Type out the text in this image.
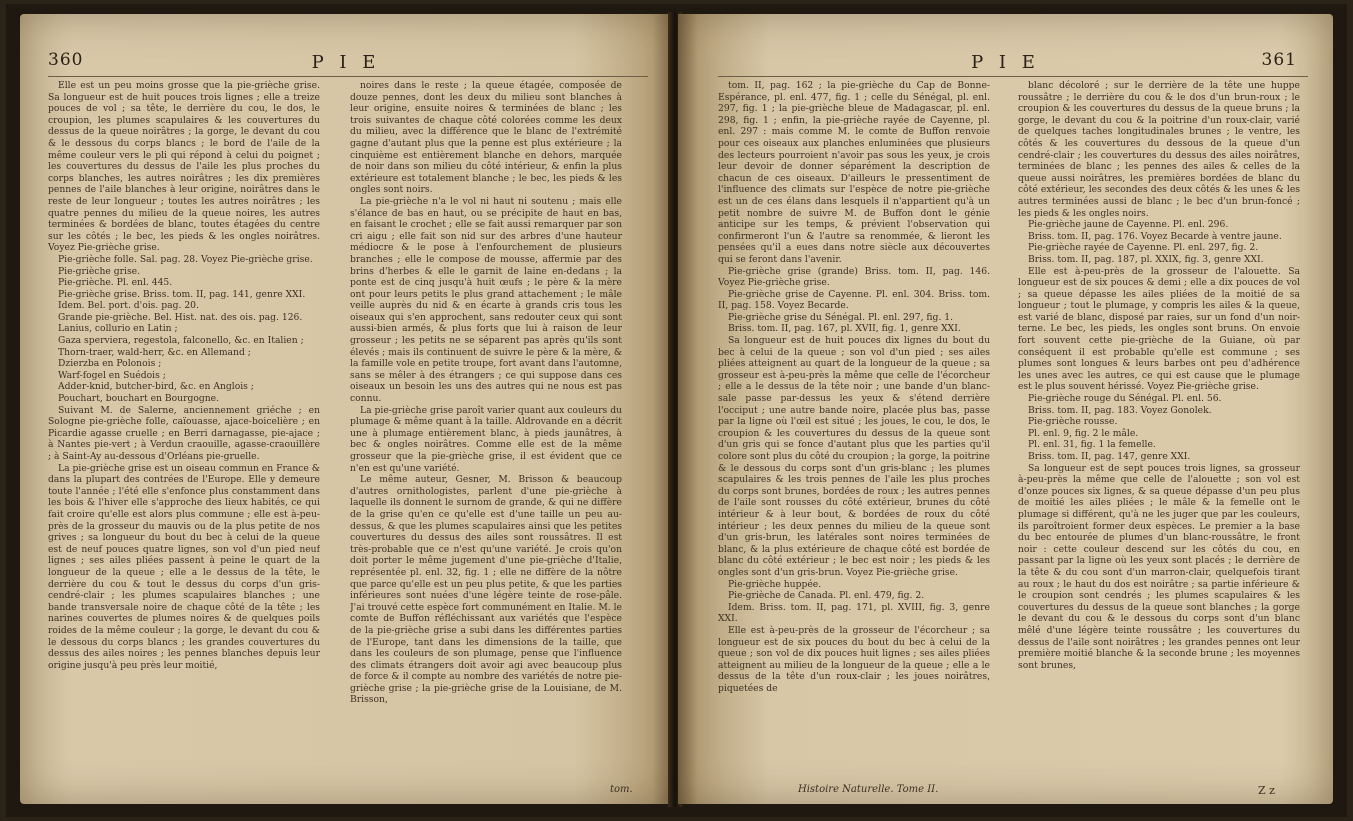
360	P I E

Elle est un peu moins grosse que la pie-grièche grise. Sa longueur est de huit pouces trois lignes ; elle a treize pouces de vol ; sa tête, le derrière du cou, le dos, le croupion, les plumes scapulaires & les couvertures du dessus de la queue noirâtres ; la gorge, le devant du cou & le dessous du corps blancs ; le bord de l'aile de la même couleur vers le pli qui répond à celui du poignet ; les couvertures du dessus de l'aile les plus proches du corps blanches, les autres noirâtres ; les dix premières pennes de l'aile blanches à leur origine, noirâtres dans le reste de leur longueur ; toutes les autres noirâtres ; les quatre pennes du milieu de la queue noires, les autres terminées & bordées de blanc, toutes étagées du centre sur les côtés ; le bec, les pieds & les ongles noirâtres. Voyez Pie-grièche grise.

Pie-grièche folle. Sal. pag. 28. Voyez Pie-grièche grise.

Pie-grièche grise.

Pie-grièche. Pl. enl. 445.

Pie-grièche grise. Briss. tom. II, pag. 141, genre XXI.

Idem. Bel. port. d'ois. pag. 20.

Grande pie-grièche. Bel. Hist. nat. des ois. pag. 126.

Lanius, collurio en Latin ;

Gaza sperviera, regestola, falconello, &c. en Italien ;

Thorn-traer, wald-herr, &c. en Allemand ;

Dzierzba en Polonois ;

Warf-fogel en Suédois ;

Adder-knid, butcher-bird, &c. en Anglois ;

Pouchart, bouchart en Bourgogne.

Suivant M. de Salerne, anciennement griéche ; en Sologne pie-grièche folle, caïouasse, ajace-boicelière ; en Picardie agasse cruelle ; en Berri darnagasse, pie-ajace ; à Nantes pie-vert ; à Verdun craouille, agasse-craouillère ; à Saint-Ay au-dessous d'Orléans pie-gruelle.

La pie-grièche grise est un oiseau commun en France & dans la plupart des contrées de l'Europe. Elle y demeure toute l'année ; l'été elle s'enfonce plus constamment dans les bois & l'hiver elle s'approche des lieux habités, ce qui fait croire qu'elle est alors plus commune ; elle est à-peu-près de la grosseur du mauvis ou de la plus petite de nos grives ; sa longueur du bout du bec à celui de la queue est de neuf pouces quatre lignes, son vol d'un pied neuf lignes ; ses ailes pliées passent à peine le quart de la longueur de la queue ; elle a le dessus de la tête, le derrière du cou & tout le dessus du corps d'un gris-cendré-clair ; les plumes scapulaires blanches ; une bande transversale noire de chaque côté de la tête ; les narines couvertes de plumes noires & de quelques poils roides de la même couleur ; la gorge, le devant du cou & le dessous du corps blancs ; les grandes couvertures du dessus des ailes noires ; les pennes blanches depuis leur origine jusqu'à peu près leur moitié,

noires dans le reste ; la queue étagée, composée de douze pennes, dont les deux du milieu sont blanches à leur origine, ensuite noires & terminées de blanc ; les trois suivantes de chaque côté colorées comme les deux du milieu, avec la différence que le blanc de l'extrémité gagne d'autant plus que la penne est plus extérieure ; la cinquième est entièrement blanche en dehors, marquée de noir dans son milieu du côté intérieur, & enfin la plus extérieure est totalement blanche ; le bec, les pieds & les ongles sont noirs.

La pie-grièche n'a le vol ni haut ni soutenu ; mais elle s'élance de bas en haut, ou se précipite de haut en bas, en faisant le crochet ; elle se fait aussi remarquer par son cri aigu ; elle fait son nid sur des arbres d'une hauteur médiocre & le pose à l'enfourchement de plusieurs branches ; elle le compose de mousse, affermie par des brins d'herbes & elle le garnit de laine en-dedans ; la ponte est de cinq jusqu'à huit œufs ; le père & la mère ont pour leurs petits le plus grand attachement ; le mâle veille auprès du nid & en écarte à grands cris tous les oiseaux qui s'en approchent, sans redouter ceux qui sont aussi-bien armés, & plus forts que lui à raison de leur grosseur ; les petits ne se séparent pas après qu'ils sont élevés ; mais ils continuent de suivre le père & la mère, & la famille vole en petite troupe, fort avant dans l'automne, sans se mêler à des étrangers ; ce qui suppose dans ces oiseaux un besoin les uns des autres qui ne nous est pas connu.

La pie-grièche grise paroît varier quant aux couleurs du plumage & même quant à la taille. Aldrovande en a décrit une à plumage entièrement blanc, à pieds jaunâtres, à bec & ongles noirâtres. Comme elle est de la même grosseur que la pie-grièche grise, il est évident que ce n'en est qu'une variété.

Le même auteur, Gesner, M. Brisson & beaucoup d'autres ornithologistes, parlent d'une pie-grièche à laquelle ils donnent le surnom de grande, & qui ne diffère de la grise qu'en ce qu'elle est d'une taille un peu au-dessus, & que les plumes scapulaires ainsi que les petites couvertures du dessus des ailes sont roussâtres. Il est très-probable que ce n'est qu'une variété. Je crois qu'on doit porter le même jugement d'une pie-grièche d'Italie, représentée pl. enl. 32, fig. 1 ; elle ne diffère de la nôtre que parce qu'elle est un peu plus petite, & que les parties inférieures sont nuées d'une légère teinte de rose-pâle. J'ai trouvé cette espèce fort communément en Italie. M. le comte de Buffon réfléchissant aux variétés que l'espèce de la pie-grièche grise a subi dans les différentes parties de l'Europe, tant dans les dimensions de la taille, que dans les couleurs de son plumage, pense que l'influence des climats étrangers doit avoir agi avec beaucoup plus de force & il compte au nombre des variétés de notre pie-grièche grise ; la pie-grièche grise de la Louisiane, de M. Brisson,

tom.
P I E	361

tom. II, pag. 162 ; la pie-grièche du Cap de Bonne-Espérance, pl. enl. 477, fig. 1 ; celle du Sénégal, pl. enl. 297, fig. 1 ; la pie-grièche bleue de Madagascar, pl. enl. 298, fig. 1 ; enfin, la pie-grièche rayée de Cayenne, pl. enl. 297 : mais comme M. le comte de Buffon renvoie pour ces oiseaux aux planches enluminées que plusieurs des lecteurs pourroient n'avoir pas sous les yeux, je crois leur devoir de donner séparément la description de chacun de ces oiseaux. D'ailleurs le pressentiment de l'influence des climats sur l'espèce de notre pie-grièche est un de ces élans dans lesquels il n'appartient qu'à un petit nombre de suivre M. de Buffon dont le génie anticipe sur les temps, & prévient l'observation qui confirmeront l'un & l'autre sa renommée, & lieront les pensées qu'il a eues dans notre siècle aux découvertes qui se feront dans l'avenir.

Pie-grièche grise (grande) Briss. tom. II, pag. 146. Voyez Pie-grièche grise.

Pie-grièche grise de Cayenne. Pl. enl. 304. Briss. tom. II, pag. 158. Voyez Becarde.

Pie-grièche grise du Sénégal. Pl. enl. 297, fig. 1.

Briss. tom. II, pag. 167, pl. XVII, fig. 1, genre XXI.

Sa longueur est de huit pouces dix lignes du bout du bec à celui de la queue ; son vol d'un pied ; ses ailes pliées atteignent au quart de la longueur de la queue ; sa grosseur est à-peu-près la même que celle de l'écorcheur ; elle a le dessus de la tête noir ; une bande d'un blanc-sale passe par-dessus les yeux & s'étend derrière l'occiput ; une autre bande noire, placée plus bas, passe par la ligne où l'œil est situé ; les joues, le cou, le dos, le croupion & les couvertures du dessus de la queue sont d'un gris qui se fonce d'autant plus que les parties qu'il colore sont plus du côté du croupion ; la gorge, la poitrine & le dessous du corps sont d'un gris-blanc ; les plumes scapulaires & les trois pennes de l'aile les plus proches du corps sont brunes, bordées de roux ; les autres pennes de l'aile sont rousses du côté extérieur, brunes du côté intérieur & à leur bout, & bordées de roux du côté intérieur ; les deux pennes du milieu de la queue sont d'un gris-brun, les latérales sont noires terminées de blanc, & la plus extérieure de chaque côté est bordée de blanc du côté extérieur ; le bec est noir ; les pieds & les ongles sont d'un gris-brun. Voyez Pie-grièche grise.

Pie-grièche huppée.

Pie-grièche de Canada. Pl. enl. 479, fig. 2.

Idem. Briss. tom. II, pag. 171, pl. XVIII, fig. 3, genre XXI.

Elle est à-peu-près de la grosseur de l'écorcheur ; sa longueur est de six pouces du bout du bec à celui de la queue ; son vol de dix pouces huit lignes ; ses ailes pliées atteignent au milieu de la longueur de la queue ; elle a le dessus de la tête d'un roux-clair ; les joues noirâtres, piquetées de

blanc décoloré ; sur le derrière de la tête une huppe roussâtre ; le derrière du cou & le dos d'un brun-roux ; le croupion & les couvertures du dessus de la queue bruns ; la gorge, le devant du cou & la poitrine d'un roux-clair, varié de quelques taches longitudinales brunes ; le ventre, les côtés & les couvertures du dessous de la queue d'un cendré-clair ; les couvertures du dessus des ailes noirâtres, terminées de blanc ; les pennes des ailes & celles de la queue aussi noirâtres, les premières bordées de blanc du côté extérieur, les secondes des deux côtés & les unes & les autres terminées aussi de blanc ; le bec d'un brun-foncé ; les pieds & les ongles noirs.

Pie-grièche jaune de Cayenne. Pl. enl. 296.

Briss. tom. II, pag. 176. Voyez Becarde à ventre jaune.

Pie-grièche rayée de Cayenne. Pl. enl. 297, fig. 2.

Briss. tom. II, pag. 187, pl. XXIX, fig. 3, genre XXI.

Elle est à-peu-près de la grosseur de l'alouette. Sa longueur est de six pouces & demi ; elle a dix pouces de vol ; sa queue dépasse les ailes pliées de la moitié de sa longueur ; tout le plumage, y compris les ailes & la queue, est varié de blanc, disposé par raies, sur un fond d'un noir-terne. Le bec, les pieds, les ongles sont bruns. On envoie fort souvent cette pie-grièche de la Guiane, où par conséquent il est probable qu'elle est commune ; ses plumes sont longues & leurs barbes ont peu d'adhérence les unes avec les autres, ce qui est cause que le plumage est le plus souvent hérissé. Voyez Pie-grièche grise.

Pie-grièche rouge du Sénégal. Pl. enl. 56.

Briss. tom. II, pag. 183. Voyez Gonolek.

Pie-grièche rousse.

Pl. enl. 9, fig. 2 le mâle.

Pl. enl. 31, fig. 1 la femelle.

Briss. tom. II, pag. 147, genre XXI.

Sa longueur est de sept pouces trois lignes, sa grosseur à-peu-près la même que celle de l'alouette ; son vol est d'onze pouces six lignes, & sa queue dépasse d'un peu plus de moitié les ailes pliées ; le mâle & la femelle ont le plumage si différent, qu'à ne les juger que par les couleurs, ils paroîtroient former deux espèces. Le premier a la base du bec entourée de plumes d'un blanc-roussâtre, le front noir : cette couleur descend sur les côtés du cou, en passant par la ligne où les yeux sont placés ; le derrière de la tête & du cou sont d'un marron-clair, quelquefois tirant au roux ; le haut du dos est noirâtre ; sa partie inférieure & le croupion sont cendrés ; les plumes scapulaires & les couvertures du dessus de la queue sont blanches ; la gorge le devant du cou & le dessous du corps sont d'un blanc mêlé d'une légère teinte roussâtre ; les couvertures du dessus de l'aile sont noirâtres ; les grandes pennes ont leur première moitié blanche & la seconde brune ; les moyennes sont brunes,

Histoire Naturelle. Tome II.	Z z
